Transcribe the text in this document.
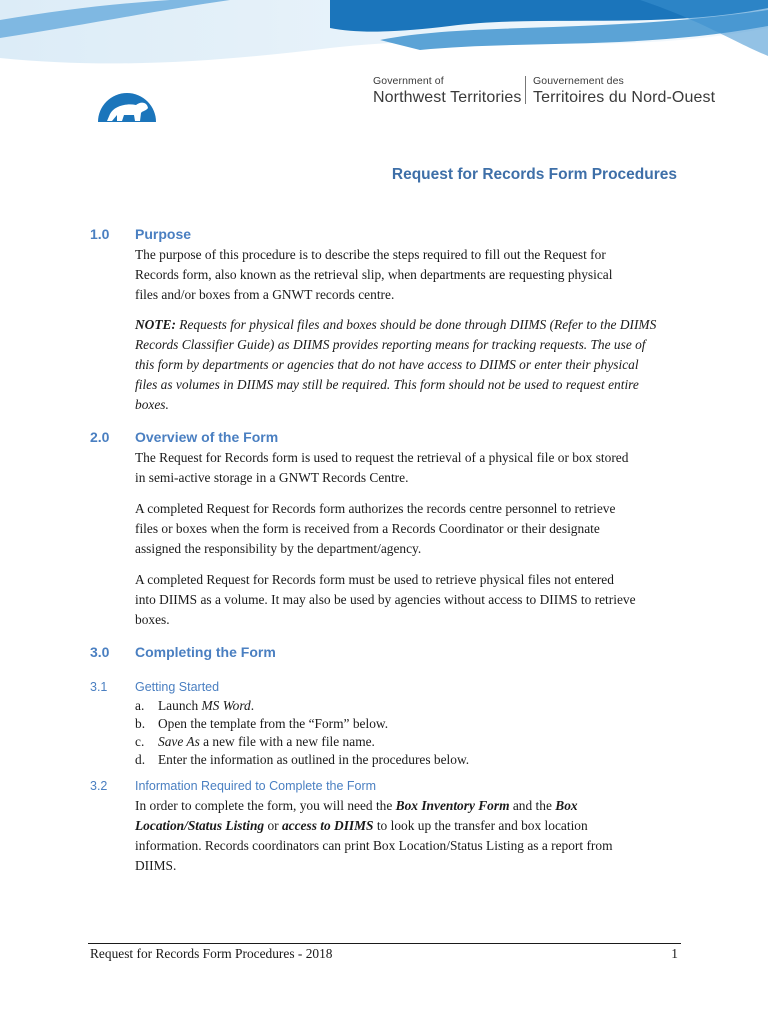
Government of
Northwest Territories
Gouvernement des
Territoires du Nord-Ouest
Request for Records Form Procedures
1.0 Purpose
The purpose of this procedure is to describe the steps required to fill out the Request for
Records form, also known as the retrieval slip, when departments are requesting physical
files and/or boxes from a GNWT records centre.
NOTE: Requests for physical files and boxes should be done through DIIMS (Refer to the DIIMS
Records Classifier Guide) as DIIMS provides reporting means for tracking requests. The use of
this form by departments or agencies that do not have access to DIIMS or enter their physical
files as volumes in DIIMS may still be required. This form should not be used to request entire
boxes.
2.0 Overview of the Form
The Request for Records form is used to request the retrieval of a physical file or box stored
in semi-active storage in a GNWT Records Centre.
A completed Request for Records form authorizes the records centre personnel to retrieve
files or boxes when the form is received from a Records Coordinator or their designate
assigned the responsibility by the department/agency.
A completed Request for Records form must be used to retrieve physical files not entered
into DIIMS as a volume. It may also be used by agencies without access to DIIMS to retrieve
boxes.
3.0 Completing the Form
3.1 Getting Started
a. Launch MS Word.
b. Open the template from the “Form” below.
c. Save As a new file with a new file name.
d. Enter the information as outlined in the procedures below.
3.2 Information Required to Complete the Form
In order to complete the form, you will need the Box Inventory Form and the Box
Location/Status Listing or access to DIIMS to look up the transfer and box location
information. Records coordinators can print Box Location/Status Listing as a report from
DIIMS.
Request for Records Form Procedures - 2018	1
